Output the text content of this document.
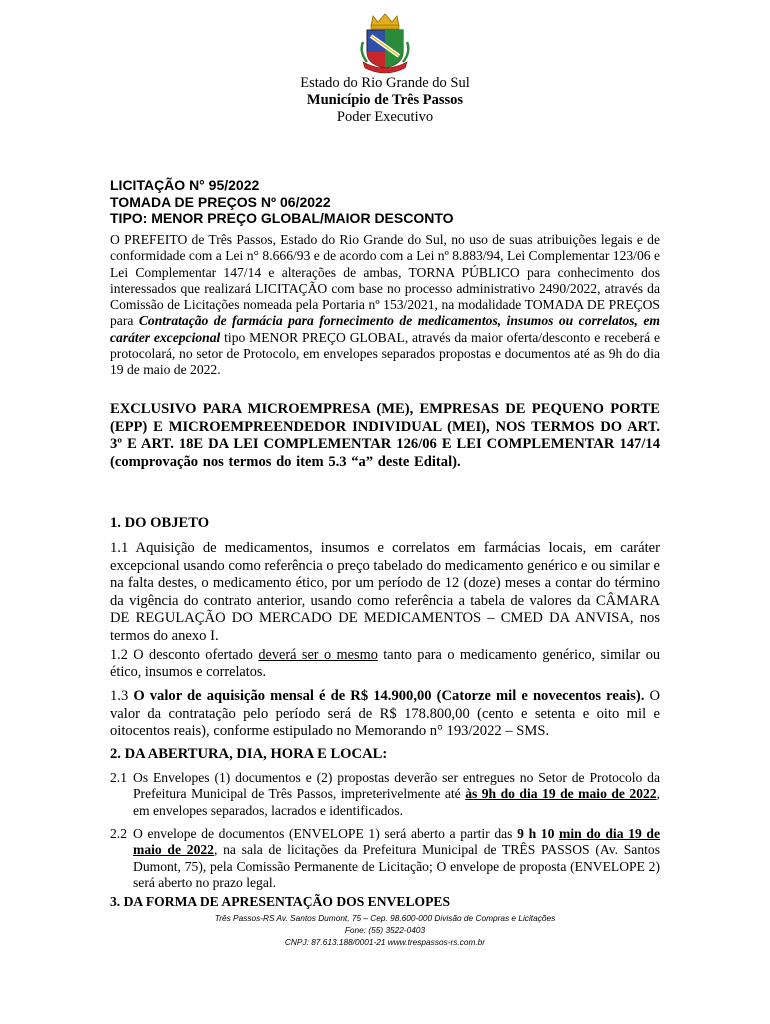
Estado do Rio Grande do Sul
Município de Três Passos
Poder Executivo
LICITAÇÃO N° 95/2022
TOMADA DE PREÇOS Nº 06/2022
TIPO: MENOR PREÇO GLOBAL/MAIOR DESCONTO
O PREFEITO de Três Passos, Estado do Rio Grande do Sul, no uso de suas atribuições legais e de conformidade com a Lei n° 8.666/93 e de acordo com a Lei nº 8.883/94, Lei Complementar 123/06 e Lei Complementar 147/14 e alterações de ambas, TORNA PÚBLICO para conhecimento dos interessados que realizará LICITAÇÃO com base no processo administrativo 2490/2022, através da Comissão de Licitações nomeada pela Portaria nº 153/2021, na modalidade TOMADA DE PREÇOS para Contratação de farmácia para fornecimento de medicamentos, insumos ou correlatos, em caráter excepcional tipo MENOR PREÇO GLOBAL, através da maior oferta/desconto e receberá e protocolará, no setor de Protocolo, em envelopes separados propostas e documentos até as 9h do dia 19 de maio de 2022.
EXCLUSIVO PARA MICROEMPRESA (ME), EMPRESAS DE PEQUENO PORTE (EPP) E MICROEMPREENDEDOR INDIVIDUAL (MEI), NOS TERMOS DO ART. 3º E ART. 18E DA LEI COMPLEMENTAR 126/06 E LEI COMPLEMENTAR 147/14 (comprovação nos termos do item 5.3 “a” deste Edital).
1. DO OBJETO
1.1 Aquisição de medicamentos, insumos e correlatos em farmácias locais, em caráter excepcional usando como referência o preço tabelado do medicamento genérico e ou similar e na falta destes, o medicamento ético, por um período de 12 (doze) meses a contar do término da vigência do contrato anterior, usando como referência a tabela de valores da CÂMARA DE REGULAÇÃO DO MERCADO DE MEDICAMENTOS – CMED DA ANVISA, nos termos do anexo I.
1.2 O desconto ofertado deverá ser o mesmo tanto para o medicamento genérico, similar ou ético, insumos e correlatos.
1.3 O valor de aquisição mensal é de R$ 14.900,00 (Catorze mil e novecentos reais). O valor da contratação pelo período será de R$ 178.800,00 (cento e setenta e oito mil e oitocentos reais), conforme estipulado no Memorando n° 193/2022 – SMS.
2. DA ABERTURA, DIA, HORA E LOCAL:
2.1 Os Envelopes (1) documentos e (2) propostas deverão ser entregues no Setor de Protocolo da Prefeitura Municipal de Três Passos, impreterivelmente até às 9h do dia 19 de maio de 2022, em envelopes separados, lacrados e identificados.
2.2 O envelope de documentos (ENVELOPE 1) será aberto a partir das 9 h 10 min do dia 19 de maio de 2022, na sala de licitações da Prefeitura Municipal de TRÊS PASSOS (Av. Santos Dumont, 75), pela Comissão Permanente de Licitação; O envelope de proposta (ENVELOPE 2) será aberto no prazo legal.
3. DA FORMA DE APRESENTAÇÃO DOS ENVELOPES
Três Passos-RS Av. Santos Dumont, 75 – Cep. 98.600-000 Divisão de Compras e Licitações
Fone: (55) 3522-0403
CNPJ: 87.613.188/0001-21 www.trespassos-rs.com.br
